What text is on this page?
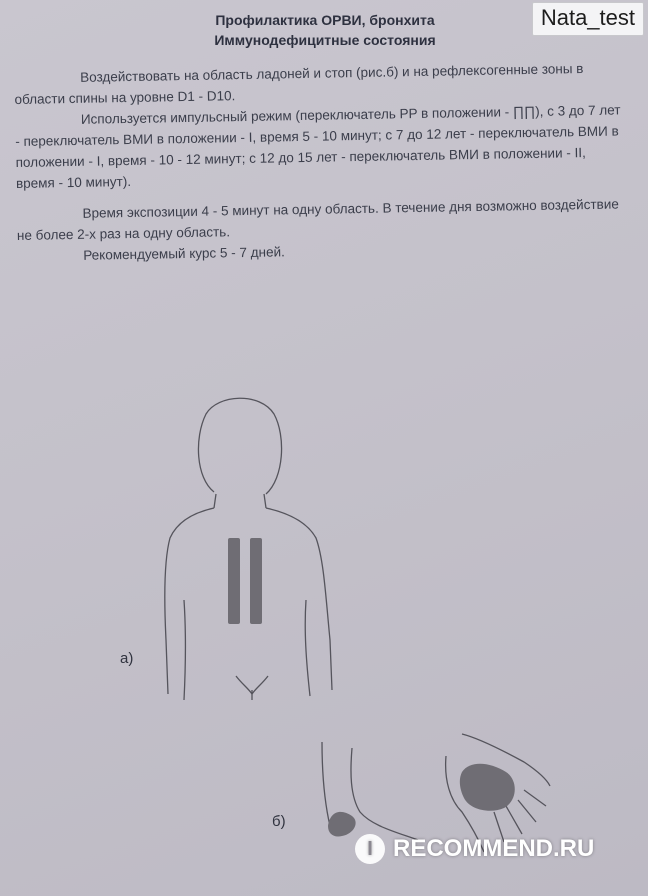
Профилактика ОРВИ, бронхита
Иммунодефицитные состояния
Nata_test

Воздействовать на область ладоней и стоп (рис.б) и на рефлексогенные зоны в области спины на уровне D1 - D10.

Используется импульсный режим (переключатель PP в положении - ∏∏), с 3 до 7 лет - переключатель ВМИ в положении - I, время 5 - 10 минут; с 7 до 12 лет - переключатель ВМИ в положении - I, время - 10 - 12 минут; с 12 до 15 лет - переключатель ВМИ в положении - II, время - 10 минут).

Время экспозиции 4 - 5 минут на одну область. В течение дня возможно воздействие не более 2-х раз на одну область.

Рекомендуемый курс 5 - 7 дней.

а)
б)
I RECOMMEND.RU
